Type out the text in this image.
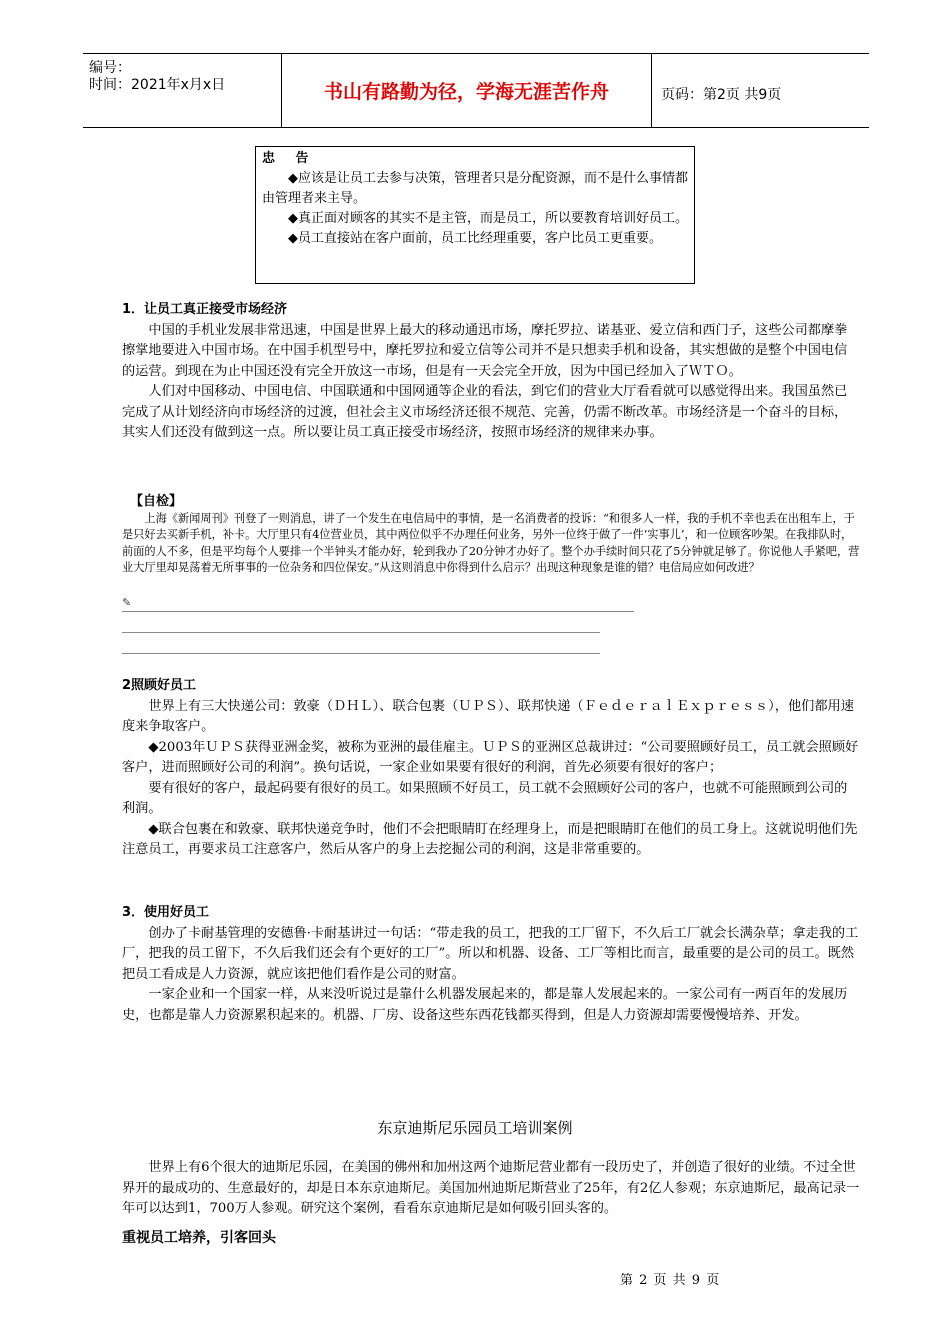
编号：
时间：2021年x月x日	书山有路勤为径，学海无涯苦作舟	页码：第2页 共9页
忠 告
◆应该是让员工去参与决策，管理者只是分配资源，而不是什么事情都由管理者来主导。
◆真正面对顾客的其实不是主管，而是员工，所以要教育培训好员工。
◆员工直接站在客户面前，员工比经理重要，客户比员工更重要。
1．让员工真正接受市场经济

中国的手机业发展非常迅速，中国是世界上最大的移动通迅市场，摩托罗拉、诺基亚、爱立信和西门子，这些公司都摩拳擦掌地要进入中国市场。在中国手机型号中，摩托罗拉和爱立信等公司并不是只想卖手机和设备，其实想做的是整个中国电信的运营。到现在为止中国还没有完全开放这一市场，但是有一天会完全开放，因为中国已经加入了ＷＴＯ。

人们对中国移动、中国电信、中国联通和中国网通等企业的看法，到它们的营业大厅看看就可以感觉得出来。我国虽然已完成了从计划经济向市场经济的过渡，但社会主义市场经济还很不规范、完善，仍需不断改革。市场经济是一个奋斗的目标，其实人们还没有做到这一点。所以要让员工真正接受市场经济，按照市场经济的规律来办事。

【自检】

上海《新闻周刊》刊登了一则消息，讲了一个发生在电信局中的事情，是一名消费者的投诉：“和很多人一样，我的手机不幸也丢在出租车上，于是只好去买新手机，补卡。大厅里只有4位营业员，其中两位似乎不办理任何业务，另外一位终于做了一件‘实事儿’，和一位顾客吵架。在我排队时，前面的人不多，但是平均每个人要排一个半钟头才能办好，轮到我办了20分钟才办好了。整个办手续时间只花了5分钟就足够了。你说他人手紧吧，营业大厅里却晃荡着无所事事的一位杂务和四位保安。”从这则消息中你得到什么启示？出现这种现象是谁的错？电信局应如何改进？

✎
2照顾好员工

世界上有三大快递公司：敦豪（ＤＨＬ）、联合包裹（ＵＰＳ）、联邦快递（ＦｅｄｅｒａｌＥｘｐｒｅｓｓ），他们都用速度来争取客户。

◆2003年ＵＰＳ获得亚洲金奖，被称为亚洲的最佳雇主。ＵＰＳ的亚洲区总裁讲过：“公司要照顾好员工，员工就会照顾好客户，进而照顾好公司的利润”。换句话说，一家企业如果要有很好的利润，首先必须要有很好的客户；

要有很好的客户，最起码要有很好的员工。如果照顾不好员工，员工就不会照顾好公司的客户，也就不可能照顾到公司的利润。

◆联合包裹在和敦豪、联邦快递竞争时，他们不会把眼睛盯在经理身上，而是把眼睛盯在他们的员工身上。这就说明他们先注意员工，再要求员工注意客户，然后从客户的身上去挖掘公司的利润，这是非常重要的。

3．使用好员工

创办了卡耐基管理的安德鲁·卡耐基讲过一句话：“带走我的员工，把我的工厂留下，不久后工厂就会长满杂草；拿走我的工厂，把我的员工留下，不久后我们还会有个更好的工厂”。所以和机器、设备、工厂等相比而言，最重要的是公司的员工。既然把员工看成是人力资源，就应该把他们看作是公司的财富。

一家企业和一个国家一样，从来没听说过是靠什么机器发展起来的，都是靠人发展起来的。一家公司有一两百年的发展历史，也都是靠人力资源累积起来的。机器、厂房、设备这些东西花钱都买得到，但是人力资源却需要慢慢培养、开发。

东京迪斯尼乐园员工培训案例

世界上有6个很大的迪斯尼乐园，在美国的佛州和加州这两个迪斯尼营业都有一段历史了，并创造了很好的业绩。不过全世界开的最成功的、生意最好的，却是日本东京迪斯尼。美国加州迪斯尼斯营业了25年，有2亿人参观；东京迪斯尼，最高记录一年可以达到1，700万人参观。研究这个案例，看看东京迪斯尼是如何吸引回头客的。

重视员工培养，引客回头
第 2 页 共 9 页
